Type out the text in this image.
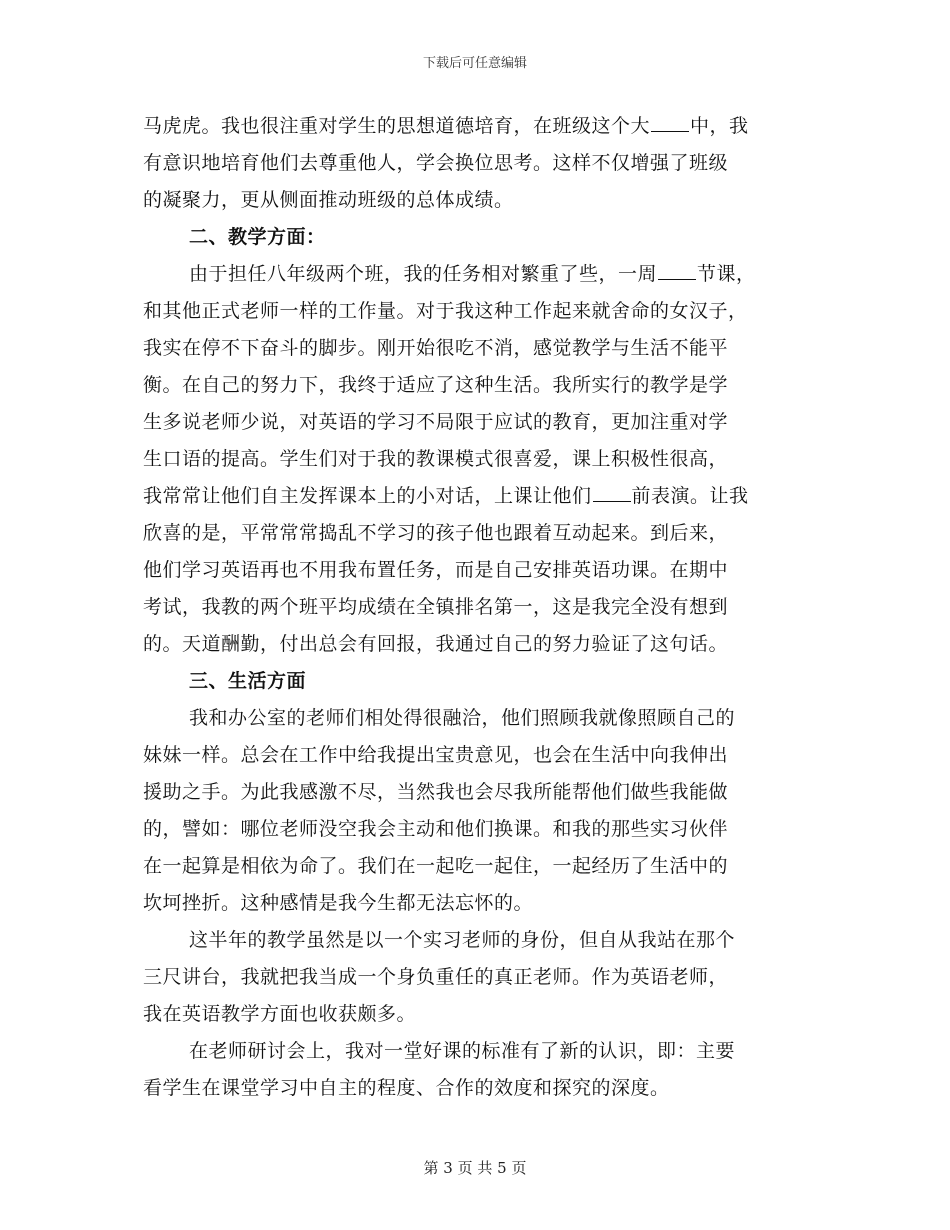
下载后可任意编辑
马虎虎。我也很注重对学生的思想道德培育，在班级这个大 中，我
有意识地培育他们去尊重他人，学会换位思考。这样不仅增强了班级
的凝聚力，更从侧面推动班级的总体成绩。
二、教学方面：
由于担任八年级两个班，我的任务相对繁重了些，一周 节课，
和其他正式老师一样的工作量。对于我这种工作起来就舍命的女汉子，
我实在停不下奋斗的脚步。刚开始很吃不消，感觉教学与生活不能平
衡。在自己的努力下，我终于适应了这种生活。我所实行的教学是学
生多说老师少说，对英语的学习不局限于应试的教育，更加注重对学
生口语的提高。学生们对于我的教课模式很喜爱，课上积极性很高，
我常常让他们自主发挥课本上的小对话，上课让他们 前表演。让我
欣喜的是，平常常常捣乱不学习的孩子他也跟着互动起来。到后来，
他们学习英语再也不用我布置任务，而是自己安排英语功课。在期中
考试，我教的两个班平均成绩在全镇排名第一，这是我完全没有想到
的。天道酬勤，付出总会有回报，我通过自己的努力验证了这句话。
三、生活方面
我和办公室的老师们相处得很融洽，他们照顾我就像照顾自己的
妹妹一样。总会在工作中给我提出宝贵意见，也会在生活中向我伸出
援助之手。为此我感激不尽，当然我也会尽我所能帮他们做些我能做
的，譬如：哪位老师没空我会主动和他们换课。和我的那些实习伙伴
在一起算是相依为命了。我们在一起吃一起住，一起经历了生活中的
坎坷挫折。这种感情是我今生都无法忘怀的。
这半年的教学虽然是以一个实习老师的身份，但自从我站在那个
三尺讲台，我就把我当成一个身负重任的真正老师。作为英语老师，
我在英语教学方面也收获颇多。
在老师研讨会上，我对一堂好课的标准有了新的认识，即：主要
看学生在课堂学习中自主的程度、合作的效度和探究的深度。
第 3 页 共 5 页
